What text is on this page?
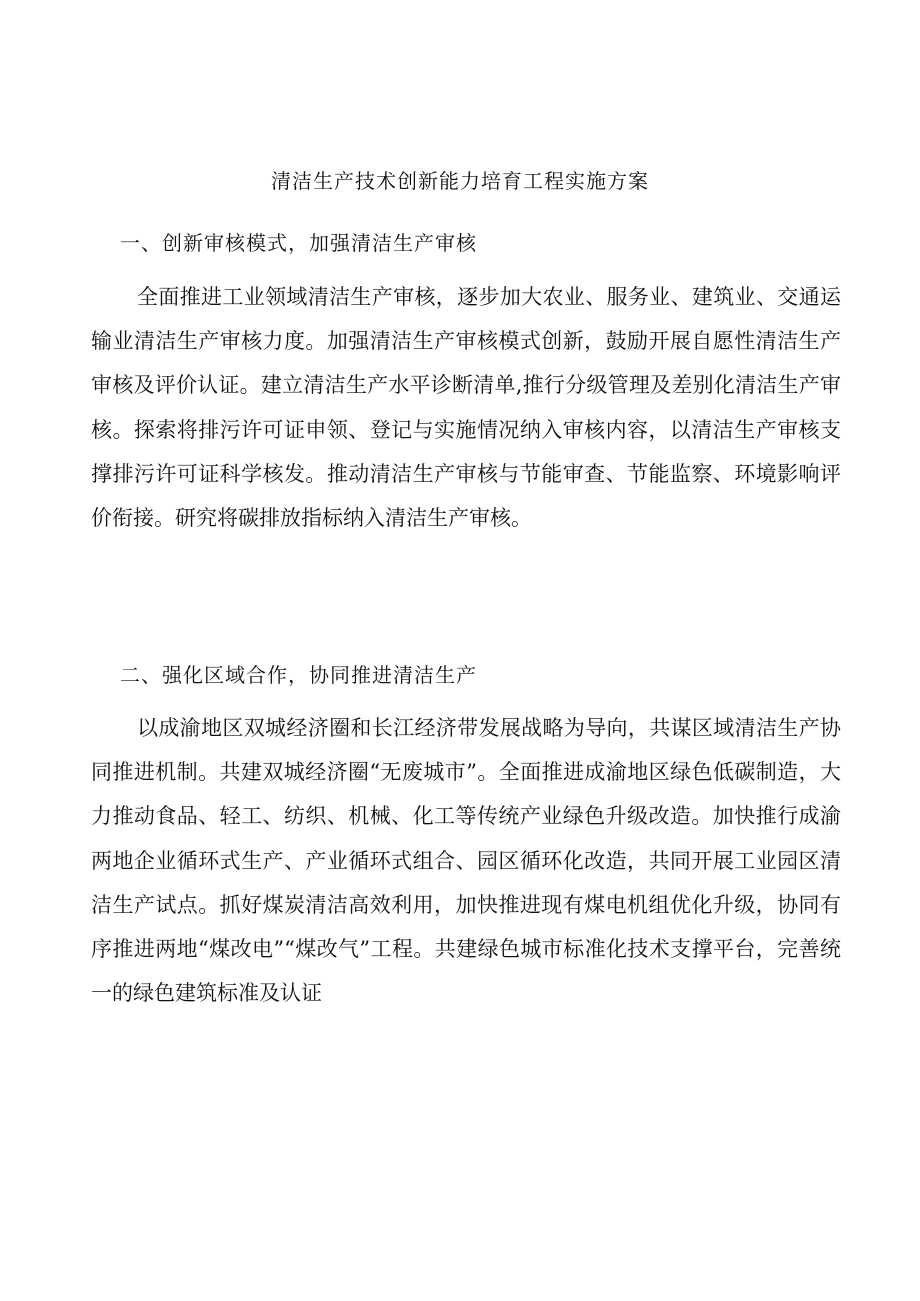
清洁生产技术创新能力培育工程实施方案
一、创新审核模式，加强清洁生产审核

全面推进工业领域清洁生产审核，逐步加大农业、服务业、建筑业、交通运输业清洁生产审核力度。加强清洁生产审核模式创新，鼓励开展自愿性清洁生产审核及评价认证。建立清洁生产水平诊断清单,推行分级管理及差别化清洁生产审核。探索将排污许可证申领、登记与实施情况纳入审核内容，以清洁生产审核支撑排污许可证科学核发。推动清洁生产审核与节能审查、节能监察、环境影响评价衔接。研究将碳排放指标纳入清洁生产审核。

二、强化区域合作，协同推进清洁生产

以成渝地区双城经济圈和长江经济带发展战略为导向，共谋区域清洁生产协同推进机制。共建双城经济圈“无废城市”。全面推进成渝地区绿色低碳制造，大力推动食品、轻工、纺织、机械、化工等传统产业绿色升级改造。加快推行成渝两地企业循环式生产、产业循环式组合、园区循环化改造，共同开展工业园区清洁生产试点。抓好煤炭清洁高效利用，加快推进现有煤电机组优化升级，协同有序推进两地“煤改电”“煤改气”工程。共建绿色城市标准化技术支撑平台，完善统一的绿色建筑标准及认证
